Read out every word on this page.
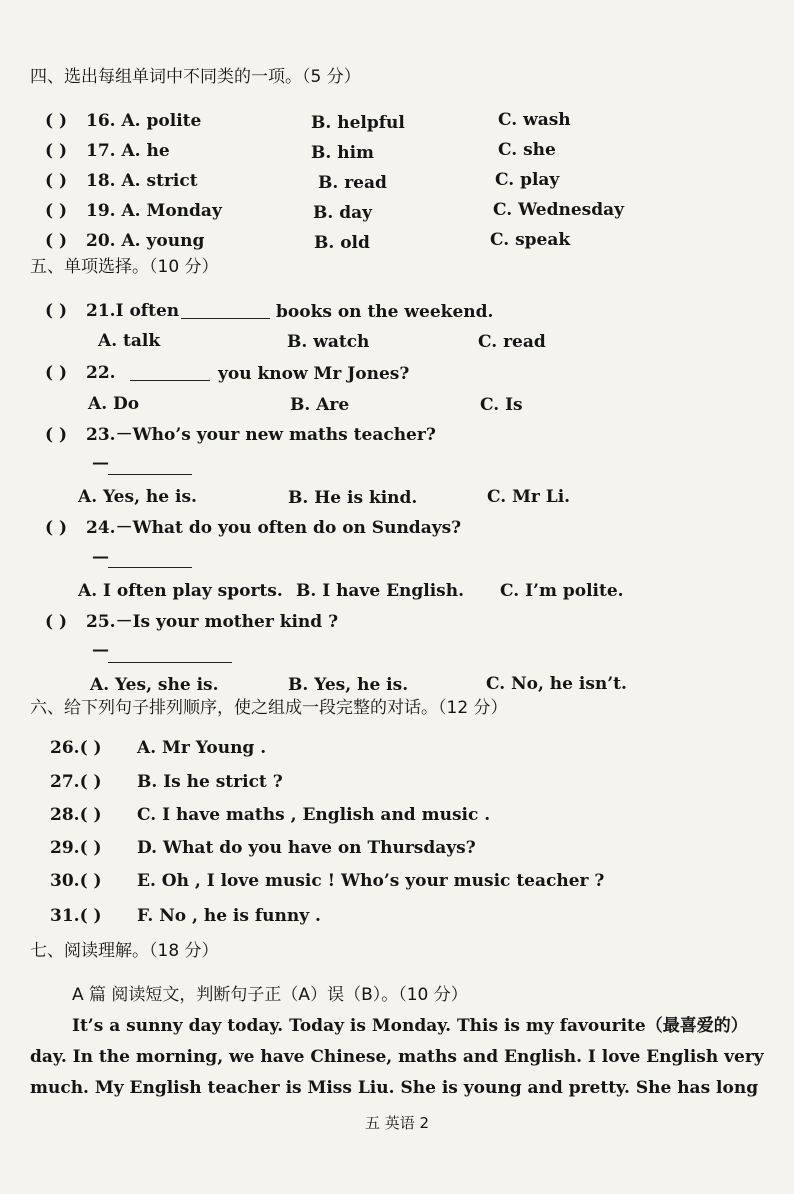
四、选出每组单词中不同类的一项。（5 分）
( ) 16. A. polite	B. helpful	C. wash
( ) 17. A. he	B. him	C. she
( ) 18. A. strict	B. read	C. play
( ) 19. A. Monday	B. day	C. Wednesday
( ) 20. A. young	B. old	C. speak
五、单项选择。（10 分）
( ) 21.I often	books on the weekend.
A. talk	B. watch	C. read
( ) 22.	you know Mr Jones?
A. Do	B. Are	C. Is
( ) 23.－Who’s your new maths teacher?
—
A. Yes, he is.	B. He is kind.	C. Mr Li.
( ) 24.－What do you often do on Sundays?
—
A. I often play sports. B. I have English. C. I’m polite.
( ) 25.－Is your mother kind ?
—
A. Yes, she is.	B. Yes, he is.	C. No, he isn’t.
六、给下列句子排列顺序，使之组成一段完整的对话。（12 分）
26.( ) A. Mr Young .
27.( ) B. Is he strict ?
28.( ) C. I have maths , English and music .
29.( ) D. What do you have on Thursdays?
30.( ) E. Oh , I love music ! Who’s your music teacher ?
31.( ) F. No , he is funny .
七、阅读理解。（18 分）
A 篇 阅读短文，判断句子正（A）误（B）。（10 分）
It’s a sunny day today. Today is Monday. This is my favourite（最喜爱的）
day. In the morning, we have Chinese, maths and English. I love English very
much. My English teacher is Miss Liu. She is young and pretty. She has long
五 英语 2
